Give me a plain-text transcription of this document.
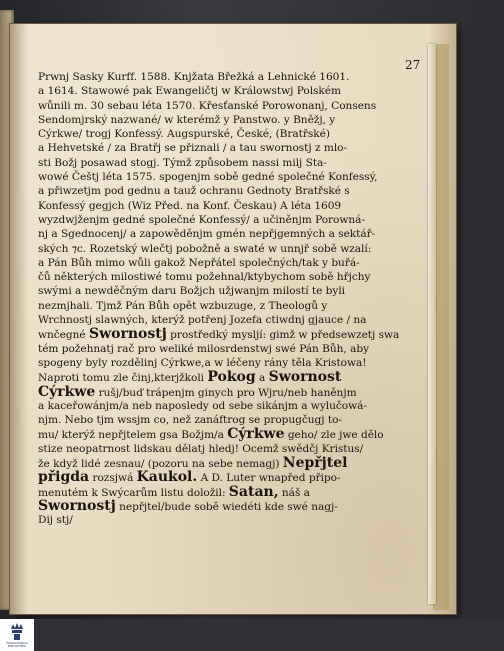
27
Prwnj Sasky Kurff. 1588. Knjžata Břežká a Lehnické 1601.
a 1614. Stawowé pak Ewangeličtj w Králowstwj Polském
wůnili m. 30 sebau léta 1570. Křesťanské Porowonanj, Consens
Sendomjrský nazwané/ w kterémž y Panstwo. y Bněžj, y
Cýrkwe/ trogj Konfessý. Augspurské, České, (Bratřské)
a Hehvetské / za Bratřj se přiznali / a tau swornostj z mlo-
sti Božj posawad stogj. Týmž způsobem nassi milj Sta-
wowé Češtj léta 1575. spogenjm sobě gedné společné Konfessý,
a přiwzetjm pod gednu a tauž ochranu Gednoty Bratřské s
Konfessý gegjch (Wiz Před. na Konf. Českau) A léta 1609
wyzdwjženjm gedné společné Konfessý/ a učiněnjm Porowná-
nj a Sgednocenj/ a zapowěděnjm gmén nepřjgemných a sektář-
ských ⁊c. Rozetský wlečtj pobožně a swaté w unnjř sobě wzalí:
a Pán Bůh mimo wůli gakož Nepřátel společných/tak y buřá-
čů některých milostiwé tomu požehnal/ktybychom sobě hřjchy
swými a newděčným daru Božjch užjwanjm milostí te byli
nezmjhali. Tjmž Pán Bůh opět wzbuzuge, z Theologů y
Wrchnostj slawných, kterýž potřenj Jozefa ctiwdnj gjauce / na
wnčegné Swornostj prostředký mysljí: gimž w předsewzetj swa
tém požehnatj rač pro weliké milosrdenstwj swé Pán Bůh, aby
spogeny byly rozdělinj Cýrkwe,a w léčeny rány těla Kristowa!
Naproti tomu zle činj,kterjžkoli Pokog a Swornost
Cýrkwe rušj/buď trápenjm ginych pro Wjru/neb haněnjm
a kaceřowánjm/a neb naposledy od sebe sikánjm a wylučowá-
njm. Nebo tjm wssjm co, než zanáftrog se propugčugj to-
mu/ kterýž nepřjtelem gsa Božjm/a Cýrkwe geho/ zle jwe dělo
stize neopatrnost lidskau dělatj hledj! Ocemž swědčj Kristus/
že když lidé zesnau/ (pozoru na sebe nemagj) Nepřjtel
přigda rozsjwá Kaukol. A D. Luter wnapřed připo-
menutém k Swýcarům listu doložil: Satan, náš a
Swornostj nepřjtel/bude sobě wiedéti kde swé nagj-
Dij stj/
FORSCHUNGS
BIBLIOTHEK
